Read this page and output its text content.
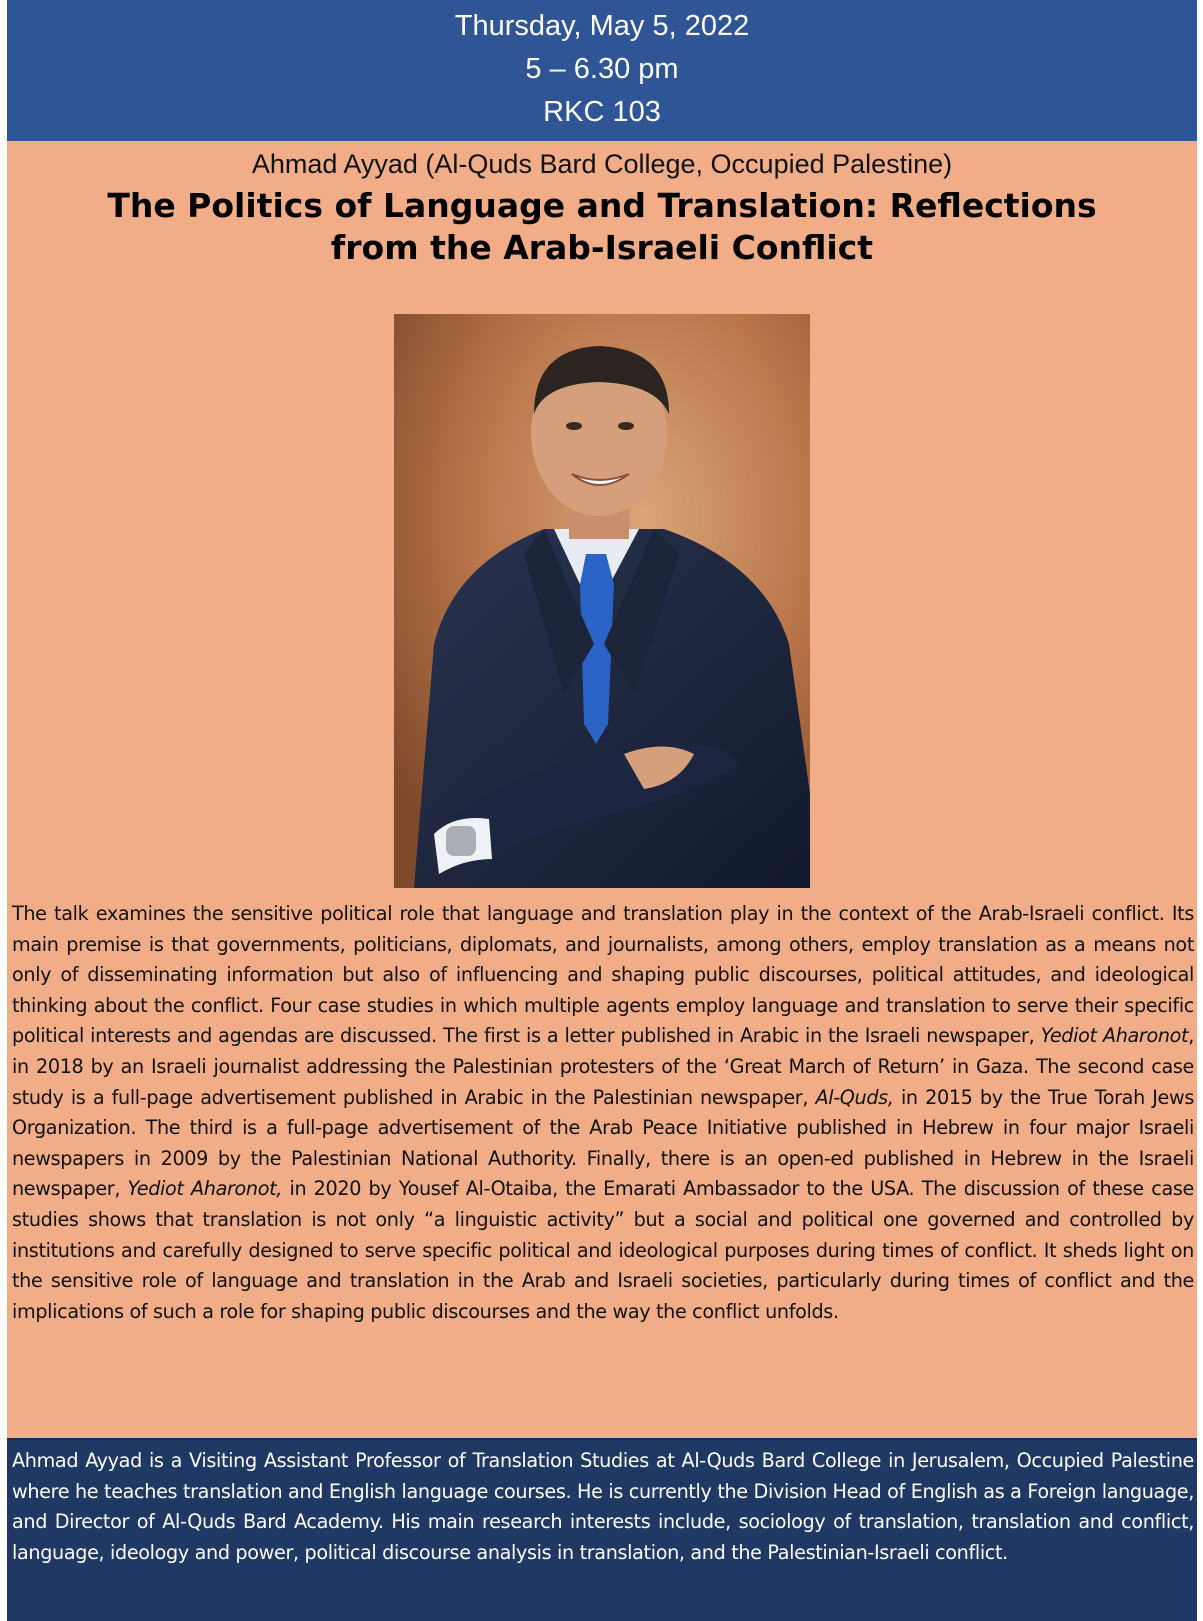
Thursday, May 5, 2022
5 – 6.30 pm
RKC 103
Ahmad Ayyad (Al-Quds Bard College, Occupied Palestine)
The Politics of Language and Translation: Reflections
from the Arab-Israeli Conflict
The talk examines the sensitive political role that language and translation play in the context of the Arab-Israeli conflict. Its main premise is that governments, politicians, diplomats, and journalists, among others, employ translation as a means not only of disseminating information but also of influencing and shaping public discourses, political attitudes, and ideological thinking about the conflict. Four case studies in which multiple agents employ language and translation to serve their specific political interests and agendas are discussed. The first is a letter published in Arabic in the Israeli newspaper, Yediot Aharonot, in 2018 by an Israeli journalist addressing the Palestinian protesters of the ‘Great March of Return’ in Gaza. The second case study is a full-page advertisement published in Arabic in the Palestinian newspaper, Al-Quds, in 2015 by the True Torah Jews Organization. The third is a full-page advertisement of the Arab Peace Initiative published in Hebrew in four major Israeli newspapers in 2009 by the Palestinian National Authority. Finally, there is an open-ed published in Hebrew in the Israeli newspaper, Yediot Aharonot, in 2020 by Yousef Al-Otaiba, the Emarati Ambassador to the USA. The discussion of these case studies shows that translation is not only “a linguistic activity” but a social and political one governed and controlled by institutions and carefully designed to serve specific political and ideological purposes during times of conflict. It sheds light on the sensitive role of language and translation in the Arab and Israeli societies, particularly during times of conflict and the implications of such a role for shaping public discourses and the way the conflict unfolds.
Ahmad Ayyad is a Visiting Assistant Professor of Translation Studies at Al-Quds Bard College in Jerusalem, Occupied Palestine where he teaches translation and English language courses. He is currently the Division Head of English as a Foreign language, and Director of Al-Quds Bard Academy. His main research interests include, sociology of translation, translation and conflict, language, ideology and power, political discourse analysis in translation, and the Palestinian-Israeli conflict.
